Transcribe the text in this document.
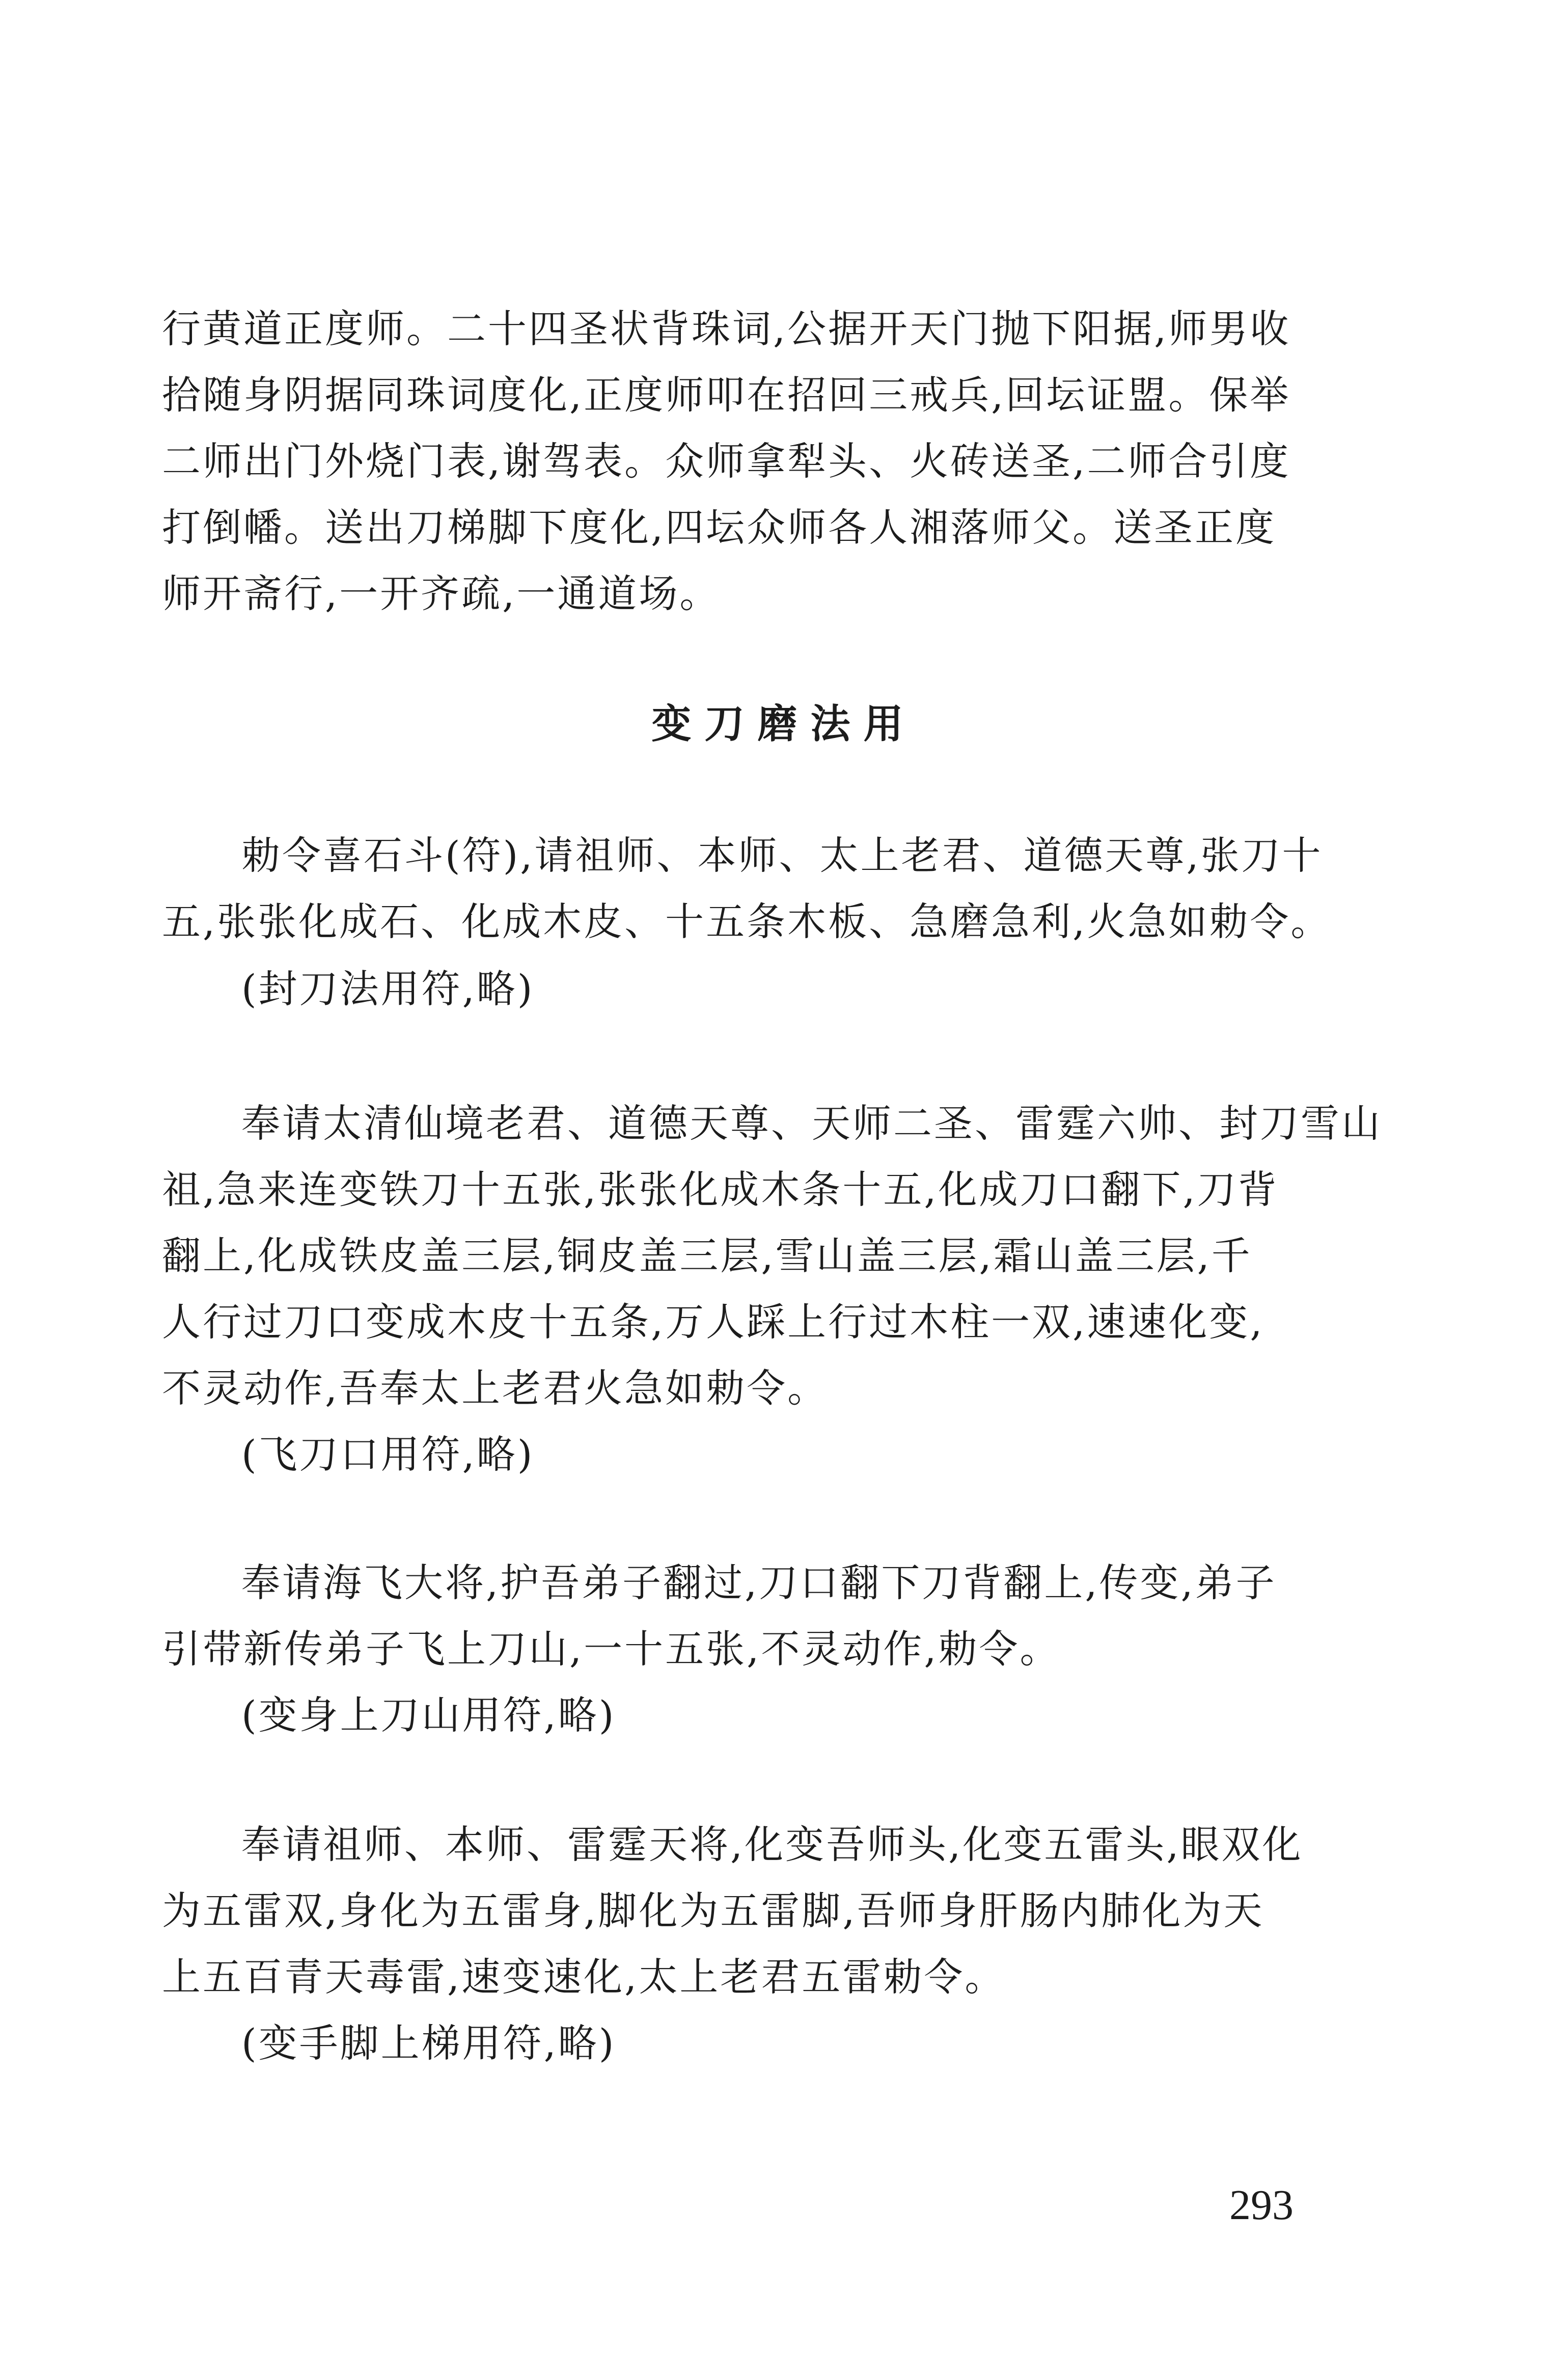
行黄道正度师。二十四圣状背珠词,公据开天门抛下阳据,师男收
拾随身阴据同珠词度化,正度师叩在招回三戒兵,回坛证盟。保举
二师出门外烧门表,谢驾表。众师拿犁头、火砖送圣,二师合引度
打倒幡。送出刀梯脚下度化,四坛众师各人湘落师父。送圣正度
师开斋行,一开齐疏,一通道场。
变刀磨法用
勅令喜石斗(符),请祖师、本师、太上老君、道德天尊,张刀十
五,张张化成石、化成木皮、十五条木板、急磨急利,火急如勅令。
(封刀法用符,略)
奉请太清仙境老君、道德天尊、天师二圣、雷霆六帅、封刀雪山
祖,急来连变铁刀十五张,张张化成木条十五,化成刀口翻下,刀背
翻上,化成铁皮盖三层,铜皮盖三层,雪山盖三层,霜山盖三层,千
人行过刀口变成木皮十五条,万人踩上行过木柱一双,速速化变,
不灵动作,吾奉太上老君火急如勅令。
(飞刀口用符,略)
奉请海飞大将,护吾弟子翻过,刀口翻下刀背翻上,传变,弟子
引带新传弟子飞上刀山,一十五张,不灵动作,勅令。
(变身上刀山用符,略)
奉请祖师、本师、雷霆天将,化变吾师头,化变五雷头,眼双化
为五雷双,身化为五雷身,脚化为五雷脚,吾师身肝肠内肺化为天
上五百青天毒雷,速变速化,太上老君五雷勅令。
(变手脚上梯用符,略)
293
